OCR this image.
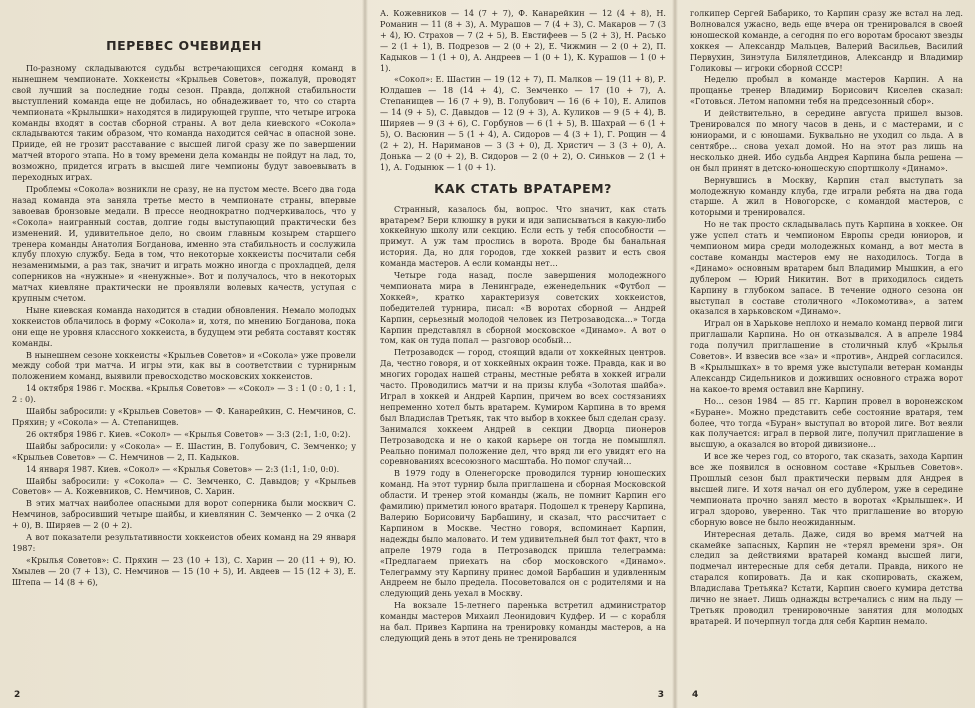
ПЕРЕВЕС ОЧЕВИДЕН

По-разному складываются судьбы встречающихся сегодня команд в нынешнем чемпионате. Хоккеисты «Крыльев Советов», пожалуй, проводят свой лучший за последние годы сезон. Правда, должной стабильности выступлений команда еще не добилась, но обнадеживает то, что со старта чемпионата «Крылышки» находятся в лидирующей группе, что четыре игрока команды входят в состав сборной страны. А вот дела киевского «Сокола» складываются таким образом, что команда находится сейчас в опасной зоне. Прииде, ей не грозит расставание с высшей лигой сразу же по завершении матчей второго этапа. Но в тому времени дела команды не пойдут на лад, то, возможно, придется играть в высшей лиге чемпионы будут завоевывать в переходных играх.

Проблемы «Сокола» возникли не сразу, не на пустом месте. Всего два года назад команда эта заняла третье место в чемпионате страны, впервые завоевав бронзовые медали. В прессе неоднократно подчеркивалось, что у «Сокола» наигранный состав, долгие годы выступающий практически без изменений. И, удивительное дело, но своим главным козырем старшего тренера команды Анатолия Богданова, именно эта стабильность и сослужила клубу плохую службу. Беда в том, что некоторые хоккеисты посчитали себя незаменимыми, а раз так, значит и играть можно иногда с прохладцей, деля соперников на «нужные» и «ненужные». Вот и получалось, что в некоторых матчах киевляне практически не проявляли волевых качеств, уступая с крупным счетом.

Ныне киевская команда находится в стадии обновления. Немало молодых хоккеистов облачилось в форму «Сокола» и, хотя, по мнению Богданова, пока они еще не уровня классного хоккеиста, в будущем эти ребята составят костяк команды.

В нынешнем сезоне хоккеисты «Крыльев Советов» и «Сокола» уже провели между собой три матча. И игры эти, как вы в соответствии с турнирным положением команд, выявили превосходство московских хоккеистов.

14 октября 1986 г. Москва. «Крылья Советов» — «Сокол» — 3 : 1 (0 : 0, 1 : 1, 2 : 0).

Шайбы забросили: у «Крыльев Советов» — Ф. Канарейкин, С. Немчинов, С. Пряхин; у «Сокола» — А. Степанищев.

26 октября 1986 г. Киев. «Сокол» — «Крылья Советов» — 3:3 (2:1, 1:0, 0:2).

Шайбы забросили: у «Сокола» — Е. Шастин, В. Голубович, С. Земченко; у «Крыльев Советов» — С. Немчинов — 2, П. Кадыков.

14 января 1987. Киев. «Сокол» — «Крылья Советов» — 2:3 (1:1, 1:0, 0:0).

Шайбы забросили: у «Сокола» — С. Земченко, С. Давыдов; у «Крыльев Советов» — А. Кожевников, С. Немчинов, С. Харин.

В этих матчах наиболее опасными для ворот соперника были москвич С. Немчинов, забросивший четыре шайбы, и киевлянин С. Земченко — 2 очка (2 + 0), В. Ширяев — 2 (0 + 2).

А вот показатели результативности хоккеистов обеих команд на 29 января 1987:

«Крылья Советов»: С. Пряхин — 23 (10 + 13), С. Харин — 20 (11 + 9), Ю. Хмылев — 20 (7 + 13), С. Немчинов — 15 (10 + 5), И. Авдеев — 15 (12 + 3), Е. Штепа — 14 (8 + 6),

2

А. Кожевников — 14 (7 + 7), Ф. Канарейкин — 12 (4 + 8), Н. Романин — 11 (8 + 3), А. Мурашов — 7 (4 + 3), С. Макаров — 7 (3 + 4), Ю. Страхов — 7 (2 + 5), В. Евстифеев — 5 (2 + 3), Н. Раськo — 2 (1 + 1), В. Подрезов — 2 (0 + 2), Е. Чижмин — 2 (0 + 2), П. Кадыков — 1 (1 + 0), А. Андреев — 1 (0 + 1), К. Курашов — 1 (0 + 1).

«Сокол»: Е. Шастин — 19 (12 + 7), П. Малков — 19 (11 + 8), Р. Юлдашев — 18 (14 + 4), С. Земченко — 17 (10 + 7), А. Степанищев — 16 (7 + 9), В. Голубович — 16 (6 + 10), Е. Алипов — 14 (9 + 5), С. Давыдов — 12 (9 + 3), А. Куликов — 9 (5 + 4), В. Ширяев — 9 (3 + 6), С. Горбунов — 6 (1 + 5), В. Шахрай — 6 (1 + 5), О. Васюнин — 5 (1 + 4), А. Сидоров — 4 (3 + 1), Г. Рощин — 4 (2 + 2), Н. Нариманов — 3 (3 + 0), Д. Христич — 3 (3 + 0), А. Донька — 2 (0 + 2), В. Сидоров — 2 (0 + 2), О. Синьков — 2 (1 + 1), А. Годынюк — 1 (0 + 1).

КАК СТАТЬ ВРАТАРЕМ?

Странный, казалось бы, вопрос. Что значит, как стать вратарем? Бери клюшку в руки и иди записываться в какую-либо хоккейную школу или секцию. Если есть у тебя способности — примут. А уж там прослись в ворота. Вроде бы банальная история. Да, но для городов, где хоккей развит и есть своя команда мастеров. А если команды нет…

Четыре года назад, после завершения молодежного чемпионата мира в Ленинграде, еженедельник «Футбол — Хоккей», кратко характеризуя советских хоккеистов, победителей турнира, писал: «В воротах сборной — Андрей Карпин, серьезный молодой человек из Петрозаводска…» Тогда Карпин представлял в сборной московское «Динамо». А вот о том, как он туда попал — разговор особый…

Петрозаводск — город, стоящий вдали от хоккейных центров. Да, честно говоря, и от хоккейных окраин тоже. Правда, как и во многих городах нашей страны, местные ребята в хоккей играли часто. Проводились матчи и на призы клуба «Золотая шайба». Играл в хоккей и Андрей Карпин, причем во всех состязаниях непременно хотел быть вратарем. Кумиром Карпина в то время был Владислав Третьяк, так что выбор в хоккее был сделан сразу. Занимался хоккеем Андрей в секции Дворца пионеров Петрозаводска и не о какой карьере он тогда не помышлял. Реально понимал положение дел, что вряд ли его увидят его на соревнованиях всесоюзного масштаба. Но помог случай…

В 1979 году в Оленегорске проводился турнир юношеских команд. На этот турнир была приглашена и сборная Московской области. И тренер этой команды (жаль, не помнит Карпин его фамилию) приметил юного вратаря. Подошел к тренеру Карпина, Валерию Борисовичу Барбашину, и сказал, что рассчитает с Карпином в Москве. Честно говоря, вспоминает Карпин, надежды было маловато. И тем удивительней был тот факт, что в апреле 1979 года в Петрозаводск пришла телеграмма: «Предлагаем приехать на сбор московского «Динамо». Телеграмму эту Карпину принес домой Барбашин и удивленным Андреем не было предела. Посоветовался он с родителями и на следующий день уехал в Москву.

На вокзале 15-летнего паренька встретил администратор команды мастеров Михаил Леонидович Кудфер. И — с корабля на бал. Привез Карпина на тренировку команды мастеров, а на следующий день в этот день не тренировался

3

голкипер Сергей Бабарико, то Карпин сразу же встал на лед. Волновался ужасно, ведь еще вчера он тренировался в своей юношеской команде, а сегодня по его воротам бросают звезды хоккея — Александр Мальцев, Валерий Васильев, Василий Первухин, Зинэтула Билялетдинов, Александр и Владимир Голиковы — игроки сборной СССР!

Неделю пробыл в команде мастеров Карпин. А на прощанье тренер Владимир Борисович Киселев сказал: «Готовься. Летом напомни тебя на предсезонный сбор».

И действительно, в середине августа пришел вызов. Тренировался по многу часов в день, и с мастерами, и с юниорами, и с юношами. Буквально не уходил со льда. А в сентябре… снова уехал домой. Но на этот раз лишь на несколько дней. Ибо судьба Андрея Карпина была решена — он был принят в детско-юношескую спортшколу «Динамо».

Вернувшись в Москву, Карпин стал выступать за молодежную команду клуба, где играли ребята на два года старше. А жил в Новогорске, с командой мастеров, с которыми и тренировался.

Но не так просто складывалась путь Карпина в хоккее. Он уже успел стать и чемпионом Европы среди юниоров, и чемпионом мира среди молодежных команд, а вот места в составе команды мастеров ему не находилось. Тогда в «Динамо» основным вратарем был Владимир Мышкин, а его дублером — Юрий Никитин. Вот в приходилось сидеть Карпину в глубоком запасе. В течение одного сезона он выступал в составе столичного «Локомотива», а затем оказался в харьковском «Динамо».

Играл он в Харькове неплохо и немало команд первой лиги приглашали Карпина. Но он отказывался. А в апреле 1984 года получил приглашение в столичный клуб «Крылья Советов». И взвесив все «за» и «против», Андрей согласился. В «Крылышках» в то время уже выступали ветеран команды Александр Сидельников и доживших основного стража ворот на какое-то время оставил вне Карпину.

Но… сезон 1984 — 85 гг. Карпин провел в воронежском «Буране». Можно представить себе состояние вратаря, тем более, что тогда «Буран» выступал во второй лиге. Вот веяли как получается: играл в первой лиге, получил приглашение в высшую, а оказался во второй дивизионе…

И все же через год, со второго, так сказать, захода Карпин все же появился в основном составе «Крыльев Советов». Прошлый сезон был практически первым для Андрея в высшей лиге. И хотя начал он его дублером, уже в середине чемпионата прочно занял место в воротах «Крылышек». И играл здорово, уверенно. Так что приглашение во вторую сборную вовсе не было неожиданным.

Интересная деталь. Даже, сидя во время матчей на скамейке запасных, Карпин не «терял времени зря». Он следил за действиями вратарей команд высшей лиги, подмечал интересные для себя детали. Правда, никого не старался копировать. Да и как скопировать, скажем, Владислава Третьяка? Кстати, Карпин своего кумира детства лично не знает. Лишь однажды встречались с ним на льду — Третьяк проводил тренировочные занятия для молодых вратарей. И почерпнул тогда для себя Карпин немало.

4
